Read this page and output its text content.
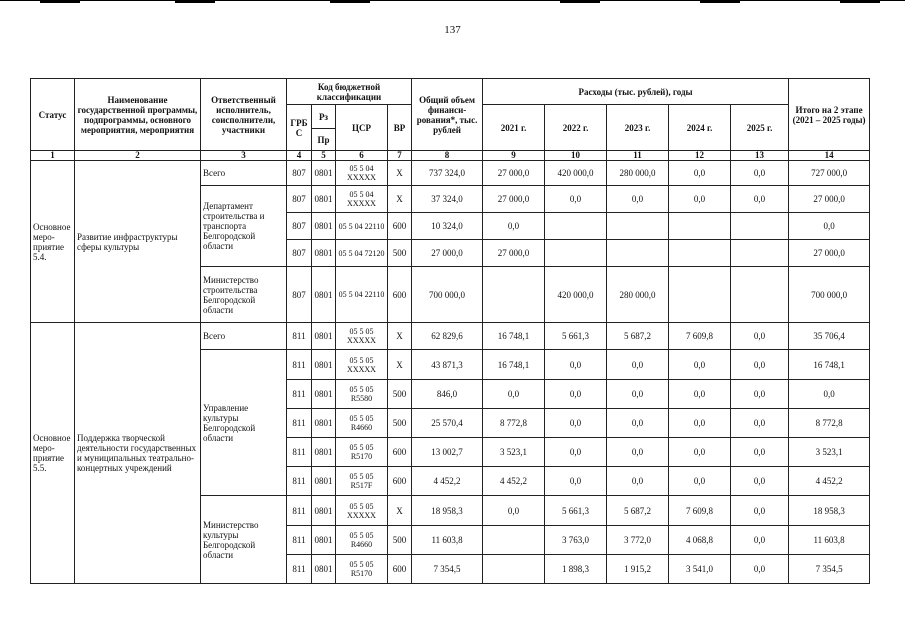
137
Статус	Наименование государственной программы, подпрограммы, основного мероприятия, мероприятия	Ответственный исполнитель, соисполнители, участники	Код бюджетной классификации				Общий объем финанси-рования*, тыс. рублей	Расходы (тыс. рублей), годы					Итого на 2 этапе (2021 – 2025 годы)
			ГРБ С	Рз	ЦСР	ВР		2021 г.	2022 г.	2023 г.	2024 г.	2025 г.	
				Пр									
1	2	3	4	5	6	7	8	9	10	11	12	13	14
Основное меро-приятие 5.4.	Развитие инфраструктуры сферы культуры	Всего	807	0801	05 5 04 XXXXX	X	737 324,0	27 000,0	420 000,0	280 000,0	0,0	0,0	727 000,0
		Департамент строительства и транспорта Белгородской области	807	0801	05 5 04 XXXXX	X	37 324,0	27 000,0	0,0	0,0	0,0	0,0	27 000,0
			807	0801	05 5 04 22110	600	10 324,0	0,0					0,0
			807	0801	05 5 04 72120	500	27 000,0	27 000,0					27 000,0
		Министерство строительства Белгородской области	807	0801	05 5 04 22110	600	700 000,0		420 000,0	280 000,0			700 000,0
Основное меро-приятие 5.5.	Поддержка творческой деятельности государственных и муниципальных театрально-концертных учреждений	Всего	811	0801	05 5 05 XXXXX	X	62 829,6	16 748,1	5 661,3	5 687,2	7 609,8	0,0	35 706,4
		Управление культуры Белгородской области	811	0801	05 5 05 XXXXX	X	43 871,3	16 748,1	0,0	0,0	0,0	0,0	16 748,1
			811	0801	05 5 05 R5580	500	846,0	0,0	0,0	0,0	0,0	0,0	0,0
			811	0801	05 5 05 R4660	500	25 570,4	8 772,8	0,0	0,0	0,0	0,0	8 772,8
			811	0801	05 5 05 R5170	600	13 002,7	3 523,1	0,0	0,0	0,0	0,0	3 523,1
			811	0801	05 5 05 R517F	600	4 452,2	4 452,2	0,0	0,0	0,0	0,0	4 452,2
		Министерство культуры Белгородской области	811	0801	05 5 05 XXXXX	X	18 958,3	0,0	5 661,3	5 687,2	7 609,8	0,0	18 958,3
			811	0801	05 5 05 R4660	500	11 603,8		3 763,0	3 772,0	4 068,8	0,0	11 603,8
			811	0801	05 5 05 R5170	600	7 354,5		1 898,3	1 915,2	3 541,0	0,0	7 354,5
